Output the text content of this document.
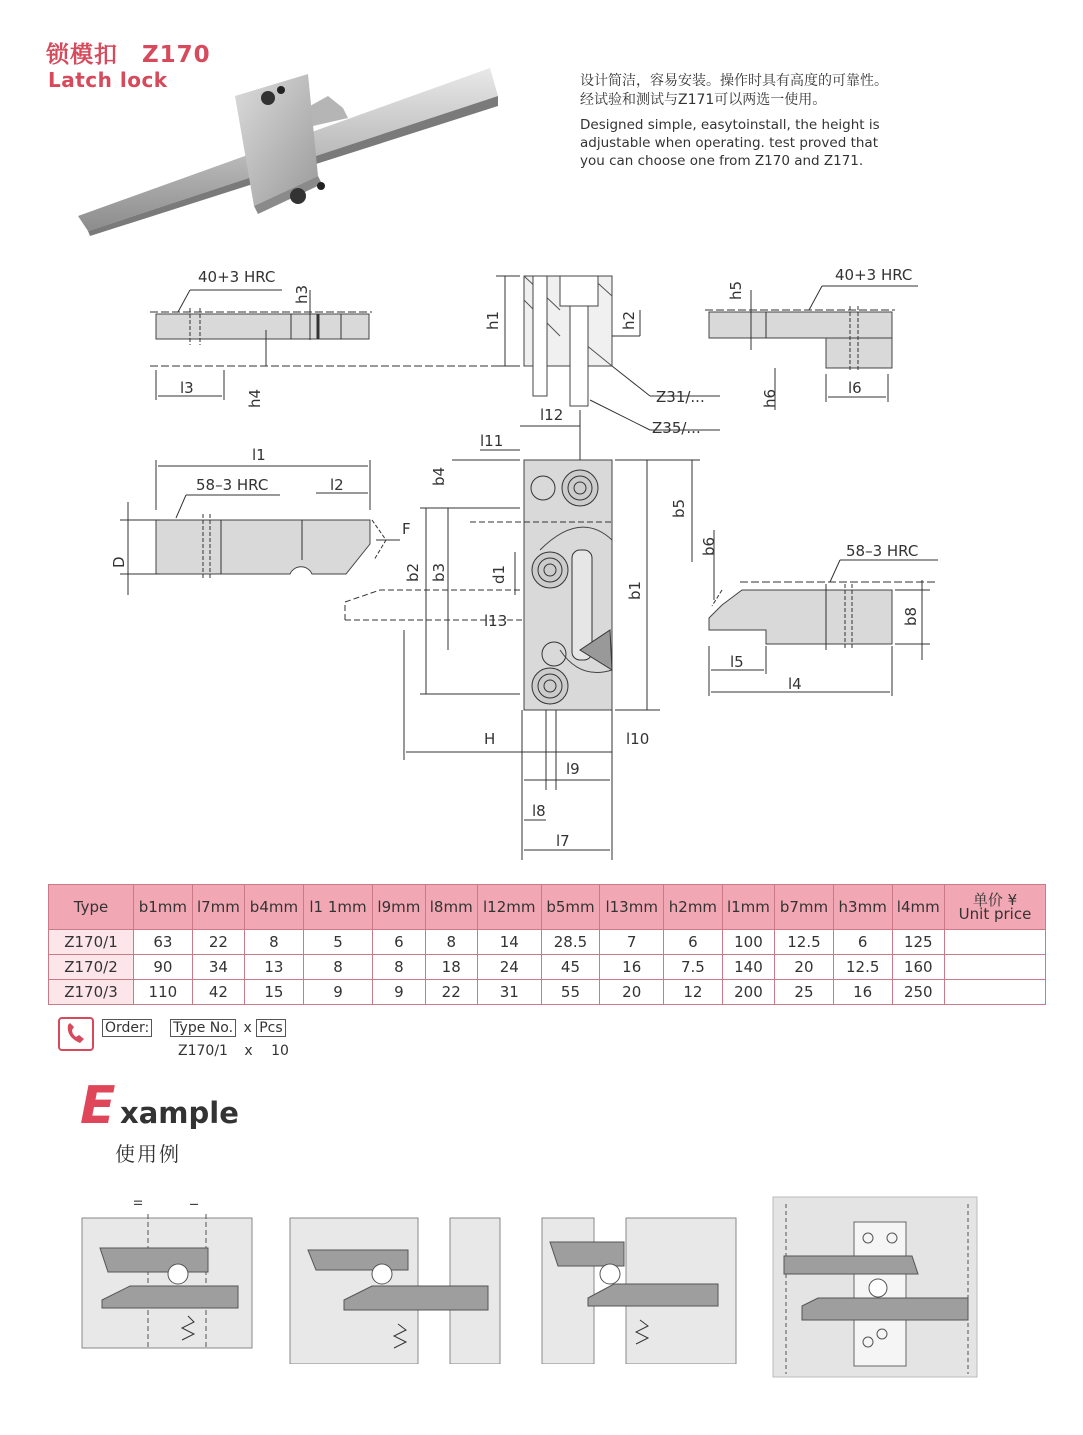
锁模扣　Z170
Latch lock	设计简洁，容易安装。操作时具有高度的可靠性。
经试验和测试与Z171可以两选一使用。
Designed simple, easytoinstall, the height is
adjustable when operating. test proved that
you can choose one from Z170 and Z171.
40+3 HRC
l3
h4
h3
h1	h2
Z31/...
Z35/...
l12
40+3 HRC
h5
h6
l6
l1
l2
58–3 HRC
D
F
b4
b2 b3	d1
l13
l11
b1
b5
b6
H	l10
l9
l8
l7
58–3 HRC
b8
l5
l4
Type	b1mm	l7mm	b4mm	l1 1mm	l9mm	l8mm	l12mm	b5mm	l13mm	h2mm	l1mm	b7mm	h3mm	l4mm	单价 ¥
Unit price

Z170/1	63	22	8	5	6	8	14	28.5	7	6	100	12.5	6	125	
Z170/2	90	34	13	8	8	18	24	45	16	7.5	140	20	12.5	160	
Z170/3	110	42	15	9	9	22	31	55	20	12	200	25	16	250	
Order: Type No. x Pcs
Z170/1 x 10
E xample
使用例
II	I
